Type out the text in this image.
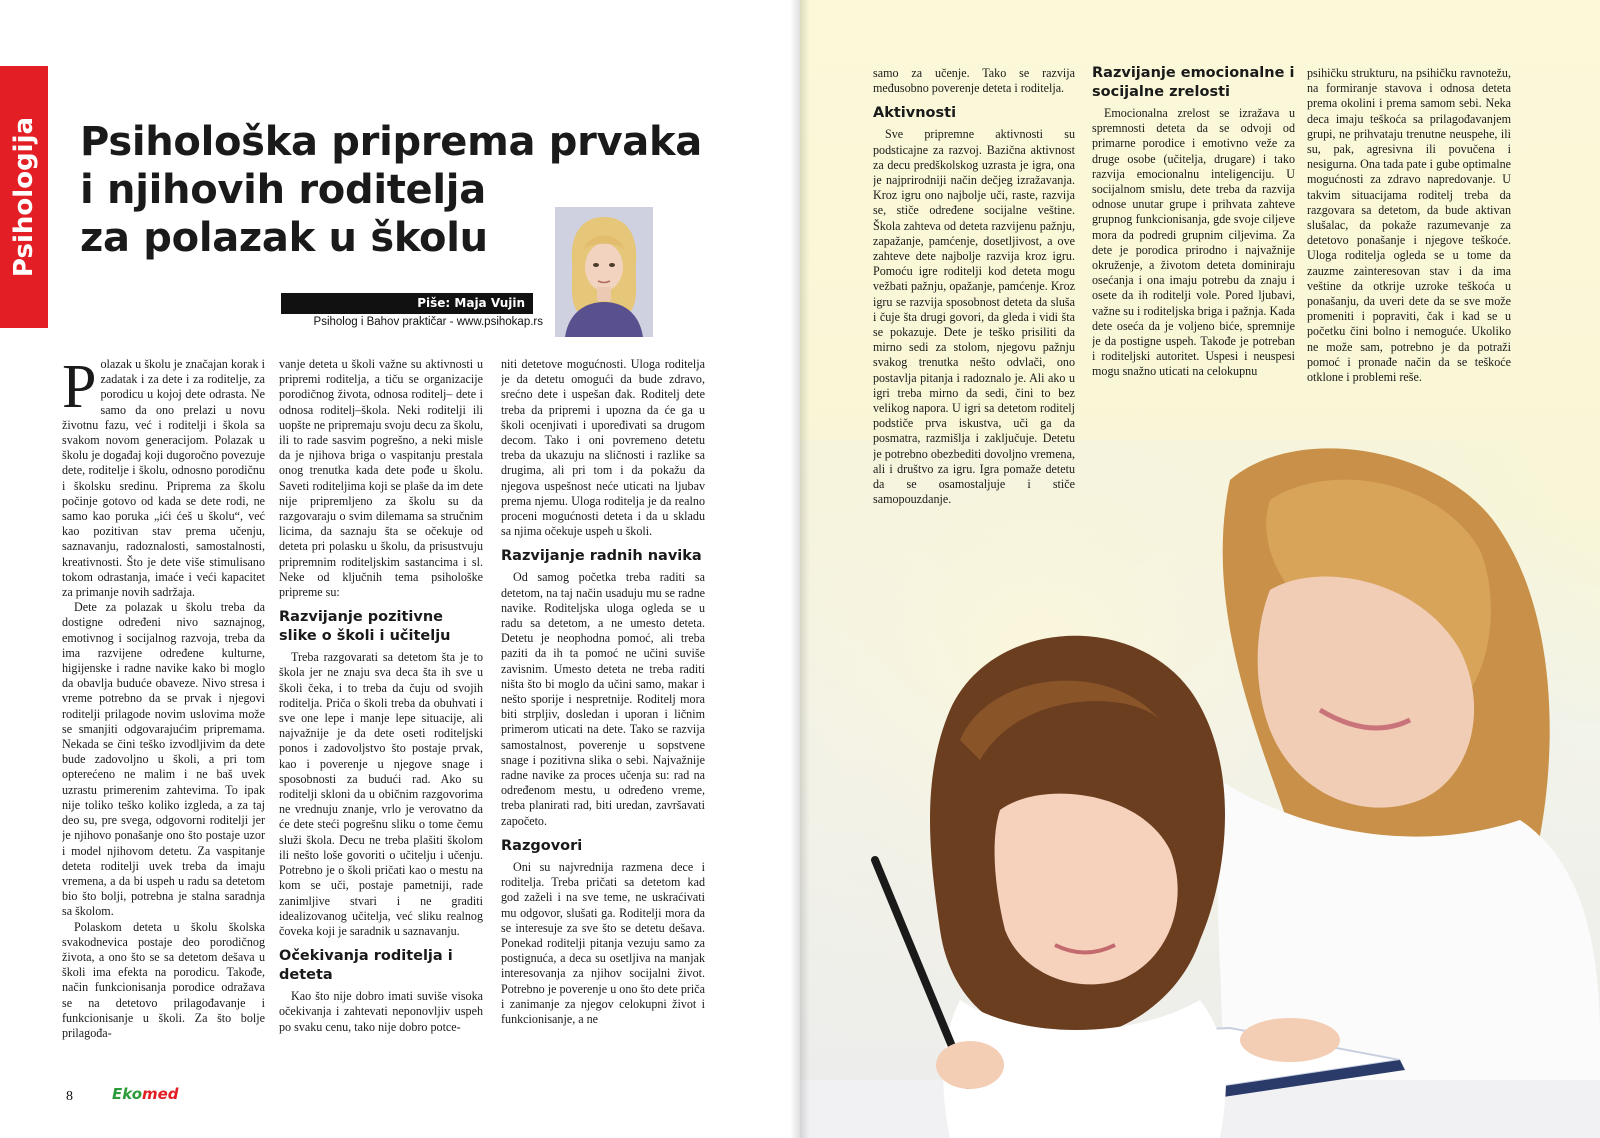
Psihologija Psihološka priprema prvaka
i njihovih roditelja
za polazak u školu
Piše: Maja Vujin
Psiholog i Bahov praktičar - www.psihokap.rs
P olazak u školu je značajan korak i zadatak i za dete i za roditelje, za porodicu u kojoj dete odrasta. Ne samo da ono prelazi u novu životnu fazu, već i roditelji i škola sa svakom novom generacijom. Polazak u školu je događaj koji dugoročno povezuje dete, roditelje i školu, odnosno porodičnu i školsku sredinu. Priprema za školu počinje gotovo od kada se dete rodi, ne samo kao poruka „ići ćeš u školu“, već kao pozitivan stav prema učenju, saznavanju, radoznalosti, samostalnosti, kreativnosti. Što je dete više stimulisano tokom odrastanja, imaće i veći kapacitet za primanje novih sadržaja.

Dete za polazak u školu treba da dostigne određeni nivo saznajnog, emotivnog i socijalnog razvoja, treba da ima razvijene određene kulturne, higijenske i radne navike kako bi moglo da obavlja buduće obaveze. Nivo stresa i vreme potrebno da se prvak i njegovi roditelji prilagode novim uslovima može se smanjiti odgovarajućim pripremama. Nekada se čini teško izvodljivim da dete bude zadovoljno u školi, a pri tom opterećeno ne malim i ne baš uvek uzrastu primerenim zahtevima. To ipak nije toliko teško koliko izgleda, a za taj deo su, pre svega, odgovorni roditelji jer je njihovo ponašanje ono što postaje uzor i model njihovom detetu. Za vaspitanje deteta roditelji uvek treba da imaju vremena, a da bi uspeh u radu sa detetom bio što bolji, potrebna je stalna saradnja sa školom.

Polaskom deteta u školu školska svakodnevica postaje deo porodičnog života, a ono što se sa detetom dešava u školi ima efekta na porodicu. Takođe, način funkcionisanja porodice odražava se na detetovo prilagođavanje i funkcionisanje u školi. Za što bolje prilagođa-

vanje deteta u školi važne su aktivnosti u pripremi roditelja, a tiču se organizacije porodičnog života, odnosa roditelj– dete i odnosa roditelj–škola. Neki roditelji ili uopšte ne pripremaju svoju decu za školu, ili to rade sasvim pogrešno, a neki misle da je njihova briga o vaspitanju prestala onog trenutka kada dete pođe u školu. Saveti roditeljima koji se plaše da im dete nije pripremljeno za školu su da razgovaraju o svim dilemama sa stručnim licima, da saznaju šta se očekuje od deteta pri polasku u školu, da prisustvuju pripremnim roditeljskim sastancima i sl. Neke od ključnih tema psihološke pripreme su:

Razvijanje pozitivne slike o školi i učitelju

Treba razgovarati sa detetom šta je to škola jer ne znaju sva deca šta ih sve u školi čeka, i to treba da čuju od svojih roditelja. Priča o školi treba da obuhvati i sve one lepe i manje lepe situacije, ali najvažnije je da dete oseti roditeljski ponos i zadovoljstvo što postaje prvak, kao i poverenje u njegove snage i sposobnosti za budući rad. Ako su roditelji skloni da u običnim razgovorima ne vrednuju znanje, vrlo je verovatno da će dete steći pogrešnu sliku o tome čemu služi škola. Decu ne treba plašiti školom ili nešto loše govoriti o učitelju i učenju. Potrebno je o školi pričati kao o mestu na kom se uči, postaje pametniji, rade zanimljive stvari i ne graditi idealizovanog učitelja, već sliku realnog čoveka koji je saradnik u saznavanju.

Očekivanja roditelja i deteta

Kao što nije dobro imati suviše visoka očekivanja i zahtevati neponovljiv uspeh po svaku cenu, tako nije dobro potce-

niti detetove mogućnosti. Uloga roditelja je da detetu omogući da bude zdravo, srećno dete i uspešan đak. Roditelj dete treba da pripremi i upozna da će ga u školi ocenjivati i upoređivati sa drugom decom. Tako i oni povremeno detetu treba da ukazuju na sličnosti i razlike sa drugima, ali pri tom i da pokažu da njegova uspešnost neće uticati na ljubav prema njemu. Uloga roditelja je da realno proceni mogućnosti deteta i da u skladu sa njima očekuje uspeh u školi.

Razvijanje radnih navika

Od samog početka treba raditi sa detetom, na taj način usaduju mu se radne navike. Roditeljska uloga ogleda se u radu sa detetom, a ne umesto deteta. Detetu je neophodna pomoć, ali treba paziti da ih ta pomoć ne učini suviše zavisnim. Umesto deteta ne treba raditi ništa što bi moglo da učini samo, makar i nešto sporije i nespretnije. Roditelj mora biti strpljiv, dosledan i uporan i ličnim primerom uticati na dete. Tako se razvija samostalnost, poverenje u sopstvene snage i pozitivna slika o sebi. Najvažnije radne navike za proces učenja su: rad na određenom mestu, u određeno vreme, treba planirati rad, biti uredan, završavati započeto.

Razgovori

Oni su najvrednija razmena dece i roditelja. Treba pričati sa detetom kad god zaželi i na sve teme, ne uskraćivati mu odgovor, slušati ga. Roditelji mora da se interesuje za sve što se detetu dešava. Ponekad roditelji pitanja vezuju samo za postignuća, a deca su osetljiva na manjak interesovanja za njihov socijalni život. Potrebno je poverenje u ono što dete priča i zanimanje za njegov celokupni život i funkcionisanje, a ne

8	Ekomed

samo za učenje. Tako se razvija međusobno poverenje deteta i roditelja.

Aktivnosti

Sve pripremne aktivnosti su podsticajne za razvoj. Bazična aktivnost za decu predškolskog uzrasta je igra, ona je najprirodniji način dečjeg izražavanja. Kroz igru ono najbolje uči, raste, razvija se, stiče određene socijalne veštine. Škola zahteva od deteta razvijenu pažnju, zapažanje, pamćenje, dosetljivost, a ove zahteve dete najbolje razvija kroz igru. Pomoću igre roditelji kod deteta mogu vežbati pažnju, opažanje, pamćenje. Kroz igru se razvija sposobnost deteta da sluša i čuje šta drugi govori, da gleda i vidi šta se pokazuje. Dete je teško prisiliti da mirno sedi za stolom, njegovu pažnju svakog trenutka nešto odvlači, ono postavlja pitanja i radoznalo je. Ali ako u igri treba mirno da sedi, čini to bez velikog napora. U igri sa detetom roditelj podstiče prva iskustva, uči ga da posmatra, razmišlja i zaključuje. Detetu je potrebno obezbediti dovoljno vremena, ali i društvo za igru. Igra pomaže detetu da se osamostaljuje i stiče samopouzdanje.

Razvijanje emocionalne i socijalne zrelosti

Emocionalna zrelost se izražava u spremnosti deteta da se odvoji od primarne porodice i emotivno veže za druge osobe (učitelja, drugare) i tako razvija emocionalnu inteligenciju. U socijalnom smislu, dete treba da razvija odnose unutar grupe i prihvata zahteve grupnog funkcionisanja, gde svoje ciljeve mora da podredi grupnim ciljevima. Za dete je porodica prirodno i najvažnije okruženje, a životom deteta dominiraju osećanja i ona imaju potrebu da znaju i osete da ih roditelji vole. Pored ljubavi, važne su i roditeljska briga i pažnja. Kada dete oseća da je voljeno biće, spremnije je da postigne uspeh. Takođe je potreban i roditeljski autoritet. Uspesi i neuspesi mogu snažno uticati na celokupnu

psihičku strukturu, na psihičku ravnotežu, na formiranje stavova i odnosa deteta prema okolini i prema samom sebi. Neka deca imaju teškoća sa prilagođavanjem grupi, ne prihvataju trenutne neuspehe, ili su, pak, agresivna ili povučena i nesigurna. Ona tada pate i gube optimalne mogućnosti za zdravo napredovanje. U takvim situacijama roditelj treba da razgovara sa detetom, da bude aktivan slušalac, da pokaže razumevanje za detetovo ponašanje i njegove teškoće. Uloga roditelja ogleda se u tome da zauzme zainteresovan stav i da ima veštine da otkrije uzroke teškoća u ponašanju, da uveri dete da se sve može promeniti i popraviti, čak i kad se u početku čini bolno i nemoguće. Ukoliko ne može sam, potrebno je da potraži pomoć i pronađe način da se teškoće otklone i problemi reše.
